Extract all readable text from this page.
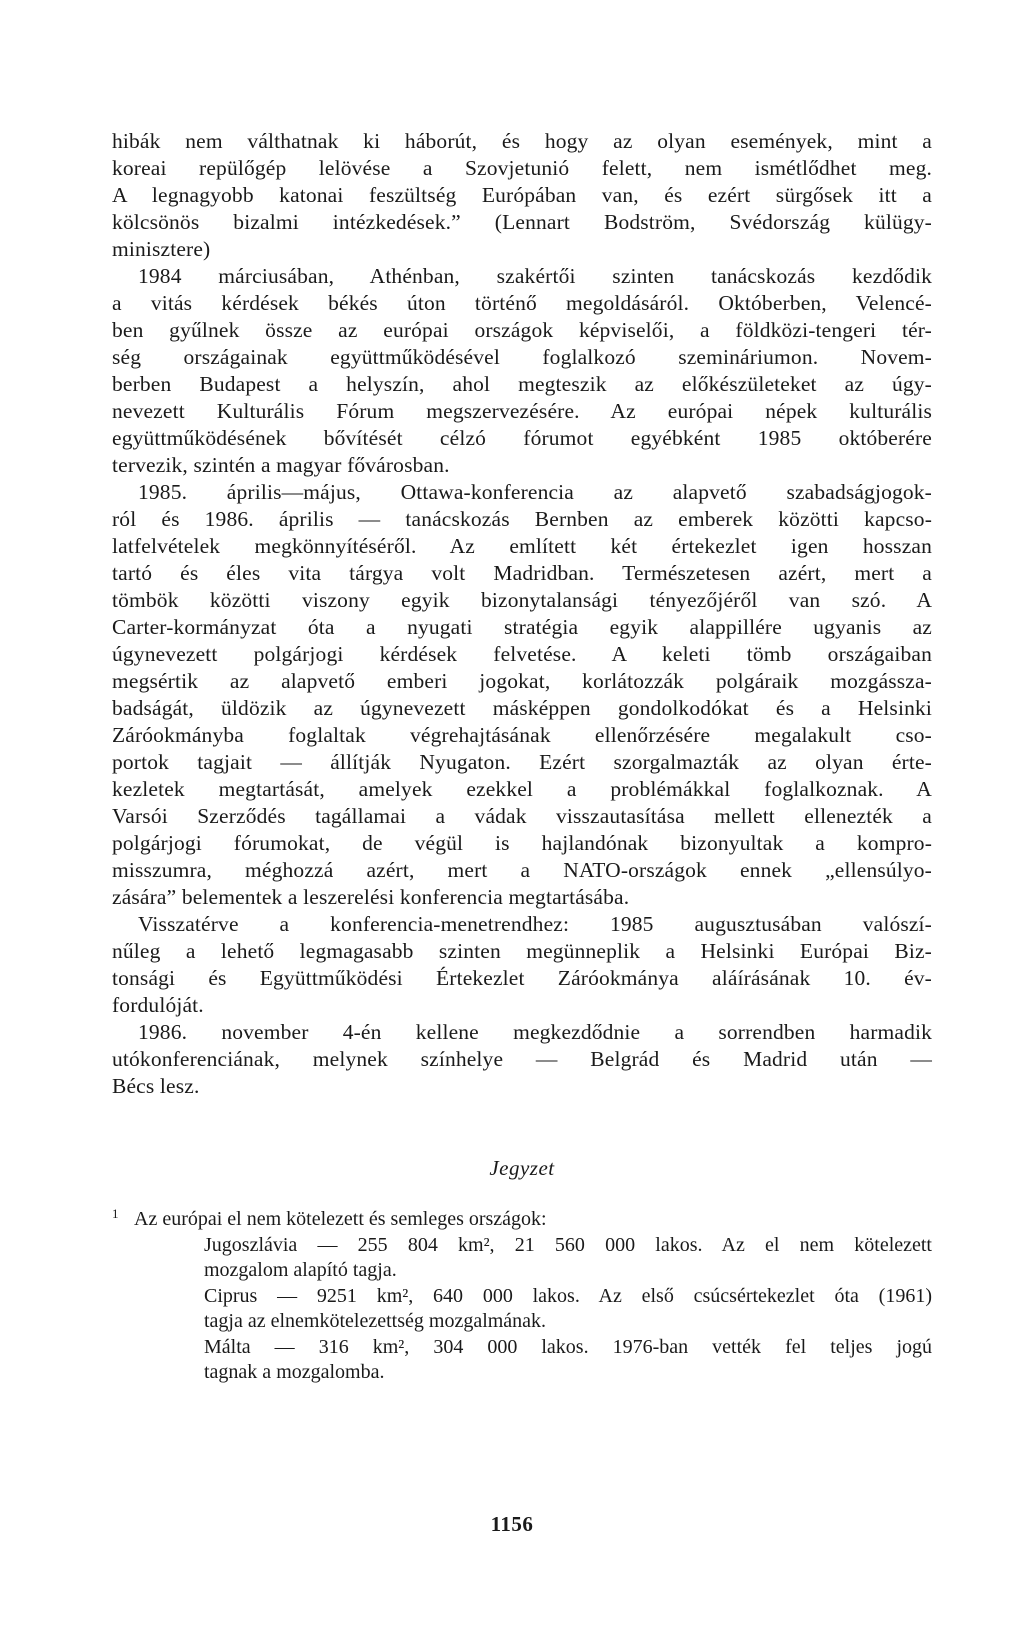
hibák nem válthatnak ki háborút, és hogy az olyan események, mint a
koreai repülőgép lelövése a Szovjetunió felett, nem ismétlődhet meg.
A legnagyobb katonai feszültség Európában van, és ezért sürgősek itt a
kölcsönös bizalmi intézkedések.” (Lennart Bodström, Svédország külügy-
miniszterе)
1984 márciusában, Athénban, szakértői szinten tanácskozás kezdődik
a vitás kérdések békés úton történő megoldásáról. Októberben, Velencé-
ben gyűlnek össze az európai országok képviselői, a földközi-tengeri tér-
ség országainak együttműködésével foglalkozó szemináriumon. Novem-
berben Budapest a helyszín, ahol megteszik az előkészületeket az úgy-
nevezett Kulturális Fórum megszervezésére. Az európai népek kulturális
együttműködésének bővítését célzó fórumot egyébként 1985 októberére
tervezik, szintén a magyar fővárosban.
1985. április—május, Ottawa-konferencia az alapvető szabadságjogok-
ról és 1986. április — tanácskozás Bernben az emberek közötti kapcso-
latfelvételek megkönnyítéséről. Az említett két értekezlet igen hosszan
tartó és éles vita tárgya volt Madridban. Természetesen azért, mert a
tömbök közötti viszony egyik bizonytalansági tényezőjéről van szó. A
Carter-kormányzat óta a nyugati stratégia egyik alappillére ugyanis az
úgynevezett polgárjogi kérdések felvetése. A keleti tömb országaiban
megsértik az alapvető emberi jogokat, korlátozzák polgáraik mozgássza-
badságát, üldözik az úgynevezett másképpen gondolkodókat és a Helsinki
Záróokmányba foglaltak végrehajtásának ellenőrzésére megalakult cso-
portok tagjait — állítják Nyugaton. Ezért szorgalmazták az olyan érte-
kezletek megtartását, amelyek ezekkel a problémákkal foglalkoznak. A
Varsói Szerződés tagállamai a vádak visszautasítása mellett ellenezték a
polgárjogi fórumokat, de végül is hajlandónak bizonyultak a kompro-
misszumra, méghozzá azért, mert a NATO-országok ennek „ellensúlyo-
zására” belementek a leszerelési konferencia megtartásába.
Visszatérve a konferencia-menetrendhez: 1985 augusztusában valószí-
nűleg a lehető legmagasabb szinten megünneplik a Helsinki Európai Biz-
tonsági és Együttműködési Értekezlet Záróokmánya aláírásának 10. év-
fordulóját.
1986. november 4-én kellene megkezdődnie a sorrendben harmadik
utókonferenciának, melynek színhelye — Belgrád és Madrid után —
Bécs lesz.
Jegyzet
1 Az európai el nem kötelezett és semleges országok:
Jugoszlávia — 255 804 km², 21 560 000 lakos. Az el nem kötelezett
mozgalom alapító tagja.
Ciprus — 9251 km², 640 000 lakos. Az első csúcsértekezlet óta (1961)
tagja az elnemkötelezettség mozgalmának.
Málta — 316 km², 304 000 lakos. 1976-ban vették fel teljes jogú
tagnak a mozgalomba.
1156
